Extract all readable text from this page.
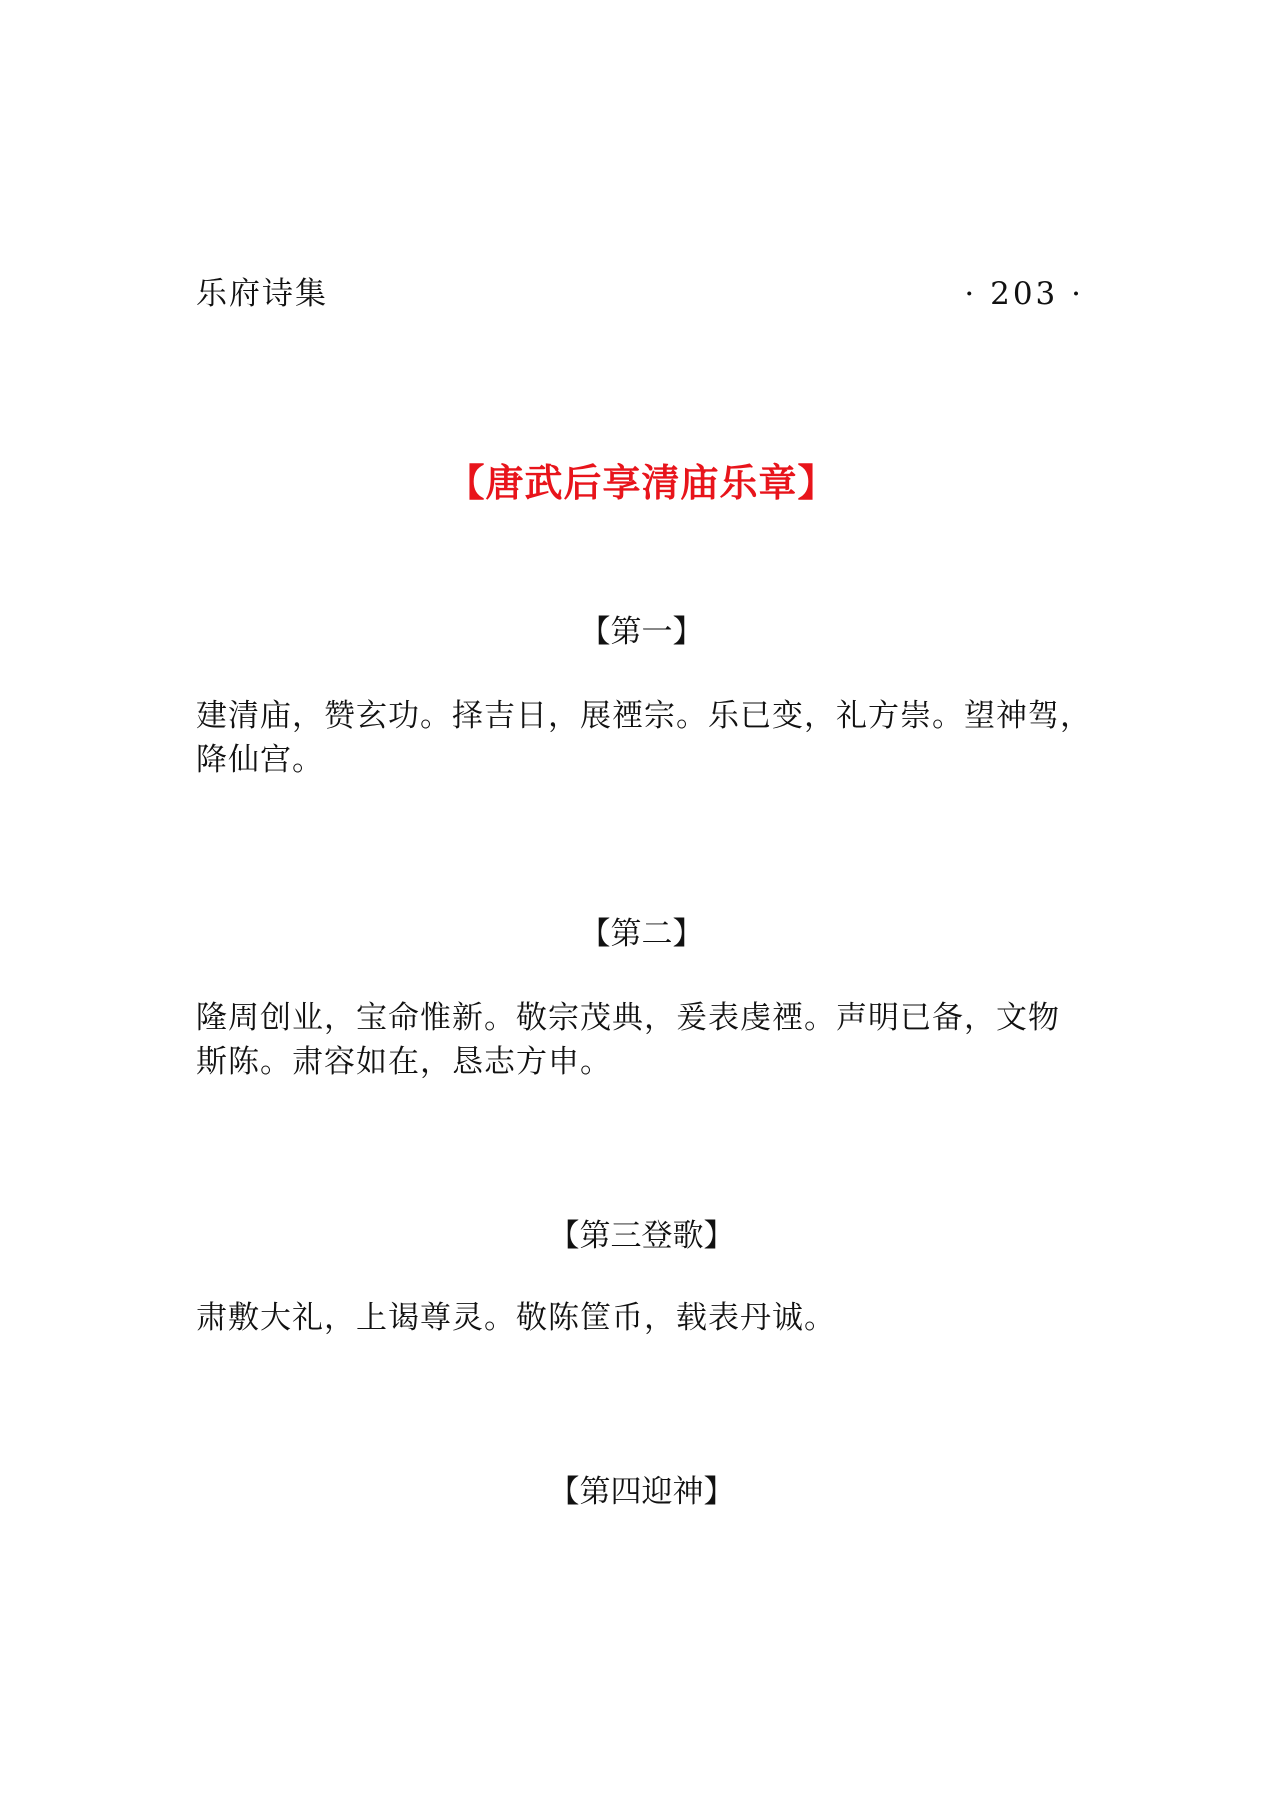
乐府诗集	· 203 ·
【唐武后享清庙乐章】
【第一】
建清庙，赞玄功。择吉日，展禋宗。乐已变，礼方崇。望神驾，
降仙宫。
【第二】
隆周创业，宝命惟新。敬宗茂典，爰表虔禋。声明已备，文物
斯陈。肃容如在，恳志方申。
【第三登歌】
肃敷大礼，上谒尊灵。敬陈筐币，载表丹诚。
【第四迎神】
